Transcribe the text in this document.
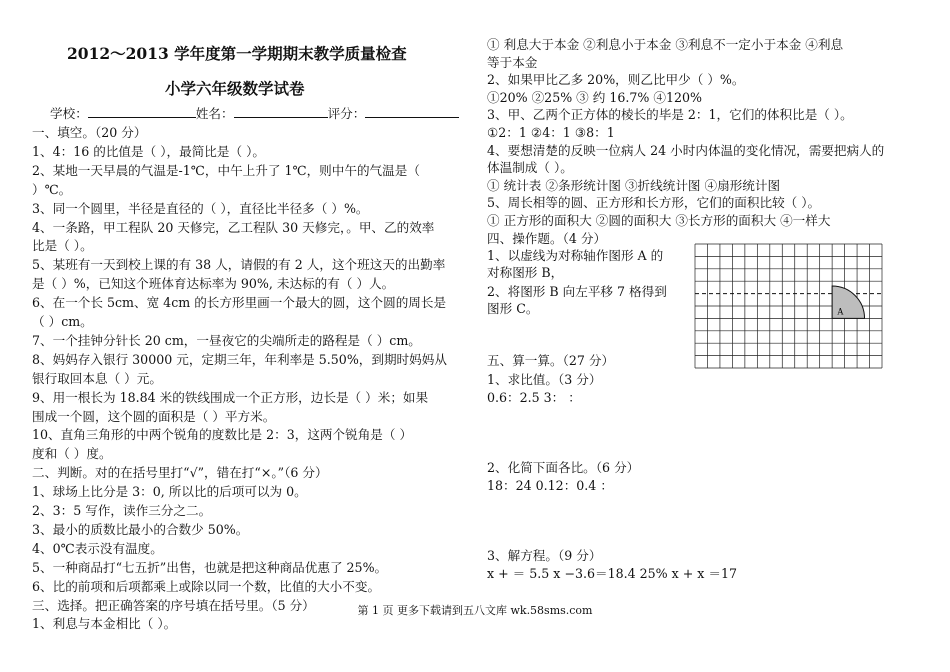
2012～2013 学年度第一学期期末教学质量检查
小学六年级数学试卷
学校：	姓名：	评分：
一、填空。（20 分）
1、4：16 的比值是（ ），最简比是（ ）。
2、某地一天早晨的气温是-1℃，中午上升了 1℃，则中午的气温是（
）℃。
3、同一个圆里，半径是直径的（ ），直径比半径多（ ）%。
4、一条路，甲工程队 20 天修完，乙工程队 30 天修完，。甲、乙的效率
比是（ ）。
5、某班有一天到校上课的有 38 人，请假的有 2 人，这个班这天的出勤率
是（ ）%，已知这个班体育达标率为 90%, 未达标的有（ ）人。
6、在一个长 5cm、宽 4cm 的长方形里画一个最大的圆，这个圆的周长是
（ ）cm。
7、一个挂钟分针长 20 cm，一昼夜它的尖端所走的路程是（ ）cm。
8、妈妈存入银行 30000 元，定期三年，年利率是 5.50%，到期时妈妈从
银行取回本息（ ）元。
9、用一根长为 18.84 米的铁线围成一个正方形，边长是（ ）米；如果
围成一个圆，这个圆的面积是（ ）平方米。
10、直角三角形的中两个锐角的度数比是 2：3，这两个锐角是（ ）
度和（ ）度。
二、判断。对的在括号里打“√”，错在打“×。”（6 分）
1、球场上比分是 3：0, 所以比的后项可以为 0。
2、3：5 写作，读作三分之二。
3、最小的质数比最小的合数少 50%。
4、0℃表示没有温度。
5、一种商品打“七五折”出售，也就是把这种商品优惠了 25%。
6、比的前项和后项都乘上或除以同一个数，比值的大小不变。
三、选择。把正确答案的序号填在括号里。（5 分）
1、利息与本金相比（ ）。
① 利息大于本金 ②利息小于本金 ③利息不一定小于本金 ④利息
等于本金
2、如果甲比乙多 20%，则乙比甲少（ ）%。
①20% ②25% ③ 约 16.7% ④120%
3、甲、乙两个正方体的棱长的毕是 2：1，它们的体积比是（ ）。
①2：1 ②4：1 ③8：1
4、要想清楚的反映一位病人 24 小时内体温的变化情况，需要把病人的
体温制成（ ）。
① 统计表 ②条形统计图 ③折线统计图 ④扇形统计图
5、周长相等的圆、正方形和长方形，它们的面积比较（ ）。
① 正方形的面积大 ②圆的面积大 ③长方形的面积大 ④一样大
四、操作题。（4 分）
1、以虚线为对称轴作图形 A 的
对称图形 B，
2、将图形 B 向左平移 7 格得到
图形 C。	A
五、算一算。（27 分）
1、求比值。（3 分）
0.6：2.5 3： ：
2、化简下面各比。（6 分）
18：24 0.12：0.4 ：
3、解方程。（9 分）
x + ＝ 5.5 x −3.6＝18.4 25% x + x ＝17
第 1 页 更多下载请到五八文库 wk.58sms.com
